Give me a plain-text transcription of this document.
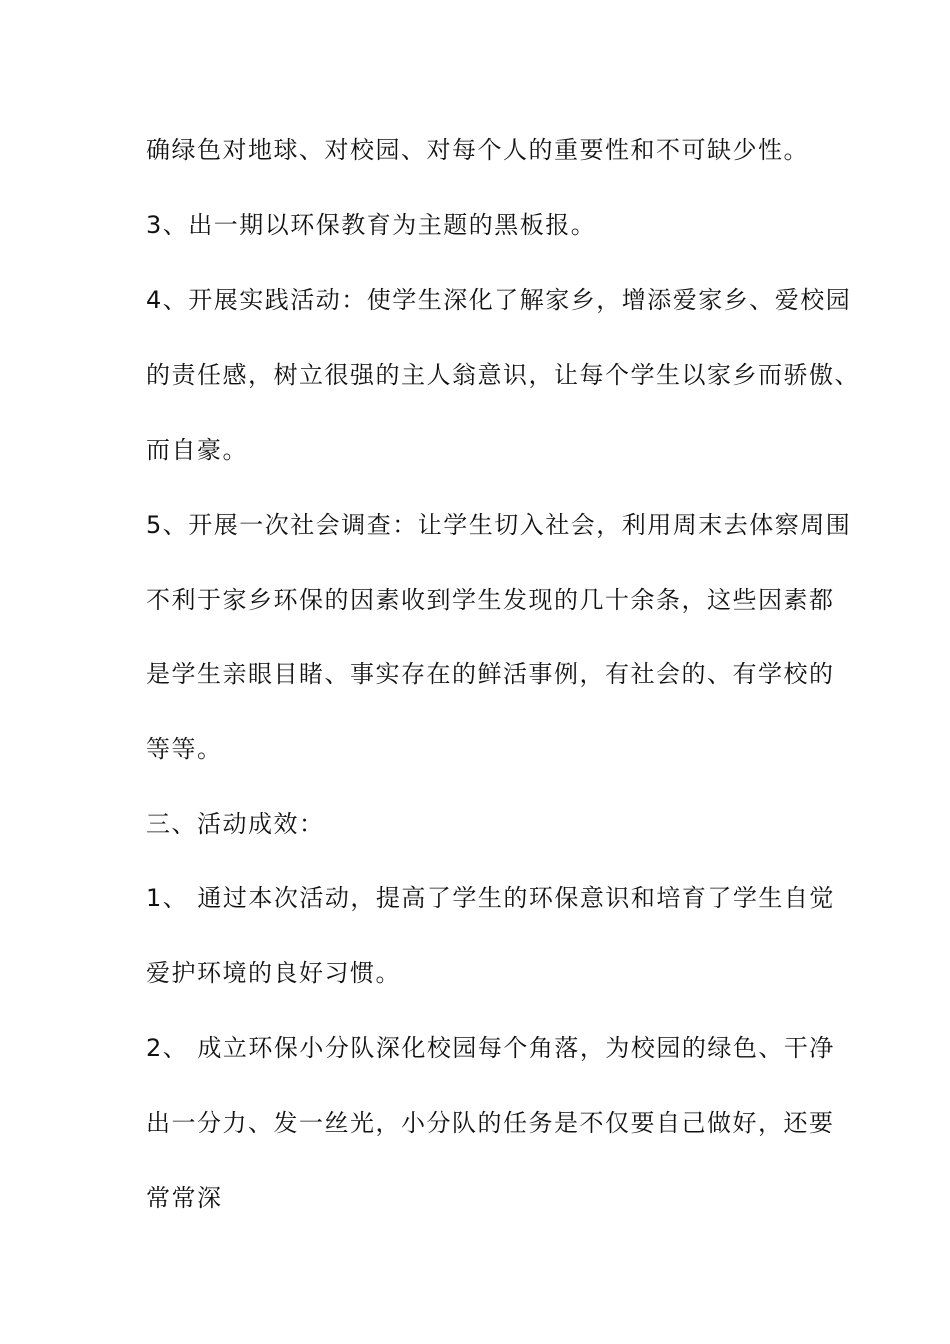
确绿色对地球、对校园、对每个人的重要性和不可缺少性。
3、出一期以环保教育为主题的黑板报。
4、开展实践活动：使学生深化了解家乡，增添爱家乡、爱校园
的责任感，树立很强的主人翁意识，让每个学生以家乡而骄傲、
而自豪。
5、开展一次社会调查：让学生切入社会，利用周末去体察周围
不利于家乡环保的因素收到学生发现的几十余条，这些因素都
是学生亲眼目睹、事实存在的鲜活事例，有社会的、有学校的
等等。
三、活动成效：
1、 通过本次活动，提高了学生的环保意识和培育了学生自觉
爱护环境的良好习惯。
2、 成立环保小分队深化校园每个角落，为校园的绿色、干净
出一分力、发一丝光，小分队的任务是不仅要自己做好，还要
常常深
